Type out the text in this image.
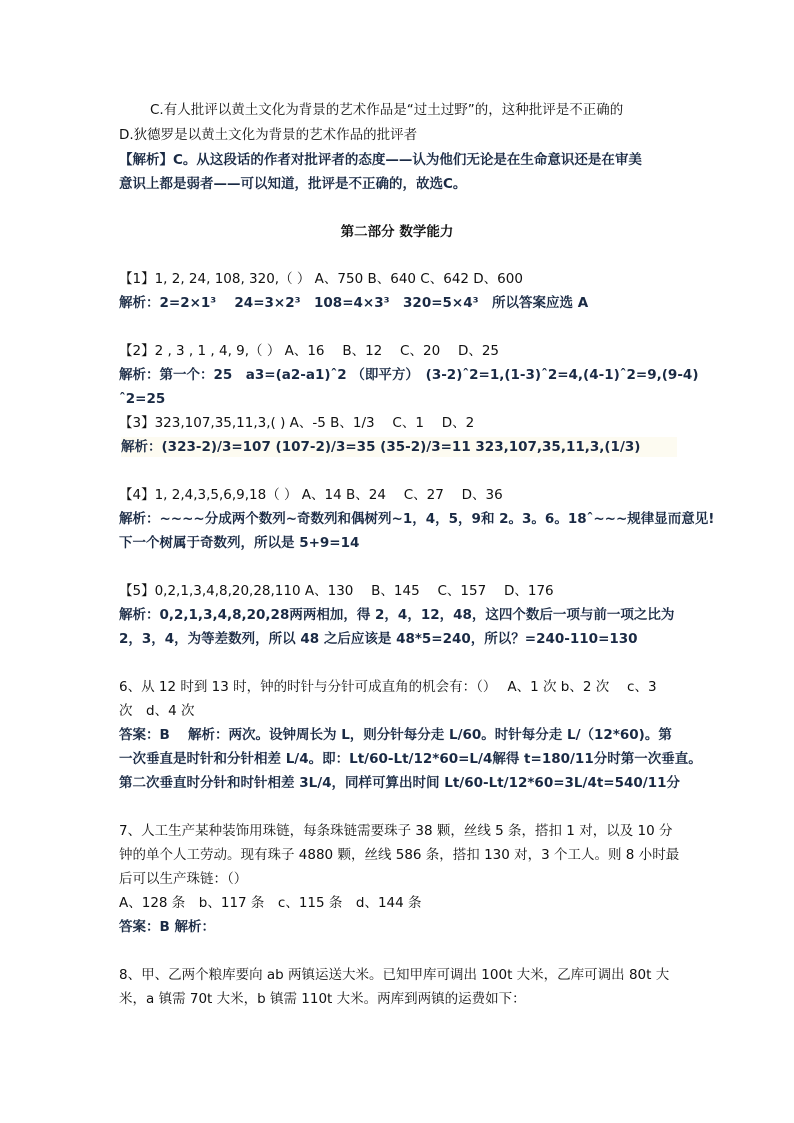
C.有人批评以黄土文化为背景的艺术作品是“过土过野”的，这种批评是不正确的
D.狄德罗是以黄土文化为背景的艺术作品的批评者
【解析】C。从这段话的作者对批评者的态度——认为他们无论是在生命意识还是在审美
意识上都是弱者——可以知道，批评是不正确的，故选C。
第二部分 数学能力
【1】1, 2, 24, 108, 320,（ ） A、750 B、640 C、642 D、600
解析：2=2×1³　 24=3×2³　108=4×3³　320=5×4³　所以答案应选 A
【2】2 , 3 , 1 , 4, 9,（ ） A、16　 B、12　 C、20　 D、25
解析：第一个：25　a3=(a2-a1)ˆ2 （即平方）　(3-2)ˆ2=1,(1-3)ˆ2=4,(4-1)ˆ2=9,(9-4)
ˆ2=25
【3】323,107,35,11,3,( ) A、-5 B、1/3　 C、1　 D、2
解析：(323-2)/3=107 (107-2)/3=35 (35-2)/3=11 323,107,35,11,3,(1/3)
【4】1, 2,4,3,5,6,9,18（ ） A、14 B、24　 C、27　 D、36
解析：~~~~分成两个数列~奇数列和偶树列~1，4，5，9和 2。3。6。18ˆ~~~规律显而意见!
下一个树属于奇数列，所以是 5+9=14
【5】0,2,1,3,4,8,20,28,110 A、130　 B、145　 C、157　 D、176
解析：0,2,1,3,4,8,20,28两两相加，得 2，4，12，48，这四个数后一项与前一项之比为
2，3，4，为等差数列，所以 48 之后应该是 48*5=240，所以？=240-110=130
6、从 12 时到 13 时，钟的时针与分针可成直角的机会有：（）　 A、1 次 b、2 次　 c、3
次　d、4 次
答案：B　 解析：两次。设钟周长为 L，则分针每分走 L/60。时针每分走 L/（12*60)。第
一次垂直是时针和分针相差 L/4。即：Lt/60-Lt/12*60=L/4解得 t=180/11分时第一次垂直。
第二次垂直时分针和时针相差 3L/4，同样可算出时间 Lt/60-Lt/12*60=3L/4t=540/11分
7、人工生产某种装饰用珠链，每条珠链需要珠子 38 颗，丝线 5 条，搭扣 1 对，以及 10 分
钟的单个人工劳动。现有珠子 4880 颗，丝线 586 条，搭扣 130 对，3 个工人。则 8 小时最
后可以生产珠链：（）
A、128 条　b、117 条　c、115 条　d、144 条
答案：B 解析：
8、甲、乙两个粮库要向 ab 两镇运送大米。已知甲库可调出 100t 大米，乙库可调出 80t 大
米，a 镇需 70t 大米，b 镇需 110t 大米。两库到两镇的运费如下：
